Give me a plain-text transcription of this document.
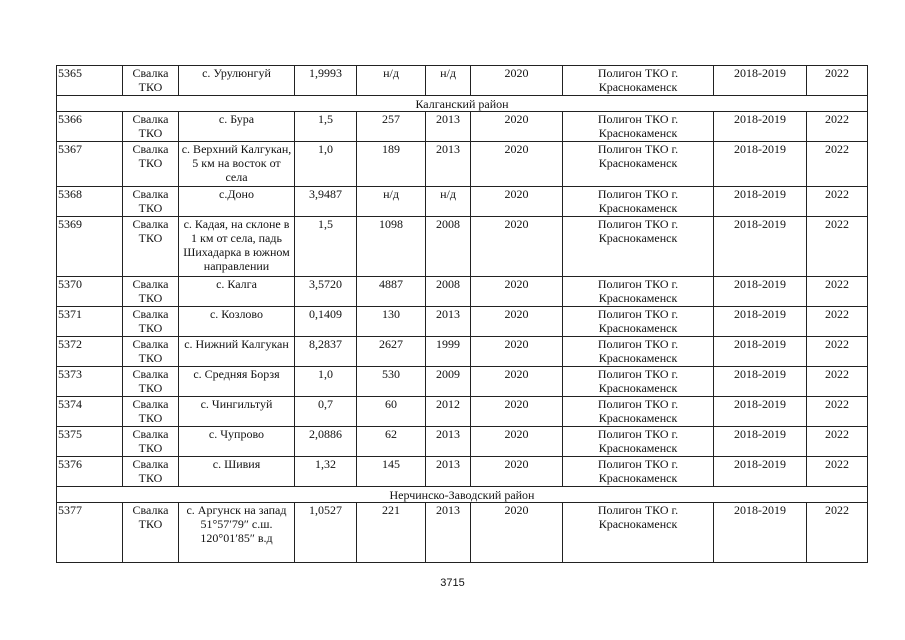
5365	Свалка ТКО	с. Урулюнгуй	1,9993	н/д	н/д	2020	Полигон ТКО г. Краснокаменск	2018-2019	2022
Калганский район									
5366	Свалка ТКО	с. Бура	1,5	257	2013	2020	Полигон ТКО г. Краснокаменск	2018-2019	2022
5367	Свалка ТКО	с. Верхний Калгукан, 5 км на восток от села	1,0	189	2013	2020	Полигон ТКО г. Краснокаменск	2018-2019	2022
5368	Свалка ТКО	с.Доно	3,9487	н/д	н/д	2020	Полигон ТКО г. Краснокаменск	2018-2019	2022
5369	Свалка ТКО	с. Кадая, на склоне в 1 км от села, падь Шихадарка в южном направлении	1,5	1098	2008	2020	Полигон ТКО г. Краснокаменск	2018-2019	2022
5370	Свалка ТКО	с. Калга	3,5720	4887	2008	2020	Полигон ТКО г. Краснокаменск	2018-2019	2022
5371	Свалка ТКО	с. Козлово	0,1409	130	2013	2020	Полигон ТКО г. Краснокаменск	2018-2019	2022
5372	Свалка ТКО	с. Нижний Калгукан	8,2837	2627	1999	2020	Полигон ТКО г. Краснокаменск	2018-2019	2022
5373	Свалка ТКО	с. Средняя Борзя	1,0	530	2009	2020	Полигон ТКО г. Краснокаменск	2018-2019	2022
5374	Свалка ТКО	с. Чингильтуй	0,7	60	2012	2020	Полигон ТКО г. Краснокаменск	2018-2019	2022
5375	Свалка ТКО	с. Чупрово	2,0886	62	2013	2020	Полигон ТКО г. Краснокаменск	2018-2019	2022
5376	Свалка ТКО	с. Шивия	1,32	145	2013	2020	Полигон ТКО г. Краснокаменск	2018-2019	2022
Нерчинско-Заводский район									
5377	Свалка ТКО	с. Аргунск на запад 51°57′79″ с.ш. 120°01′85″ в.д	1,0527	221	2013	2020	Полигон ТКО г. Краснокаменск	2018-2019	2022
3715
